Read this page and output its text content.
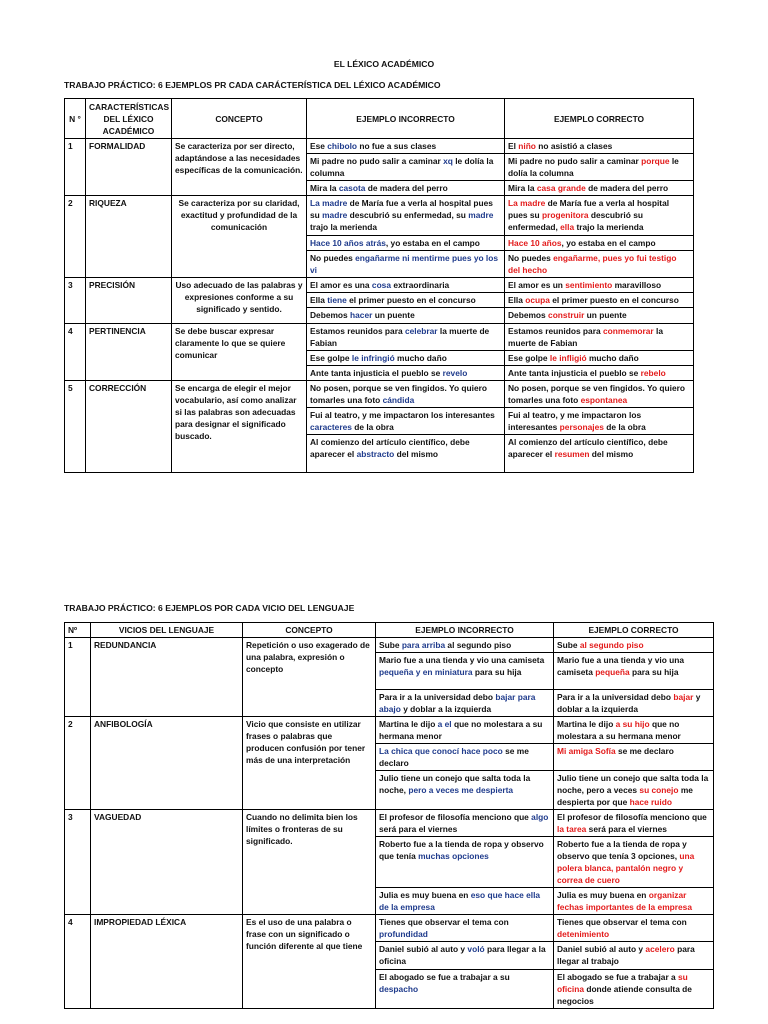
EL LÉXICO ACADÉMICO
TRABAJO PRÁCTICO: 6 EJEMPLOS PR CADA CARÁCTERÍSTICA DEL LÉXICO ACADÉMICO
N °	CARACTERÍSTICAS DEL LÉXICO ACADÉMICO	CONCEPTO	EJEMPLO INCORRECTO	EJEMPLO CORRECTO
1	FORMALIDAD	Se caracteriza por ser directo, adaptándose a las necesidades específicas de la comunicación.	Ese chibolo no fue a sus clases	El niño no asistió a clases
			Mi padre no pudo salir a caminar xq le dolía la columna	Mi padre no pudo salir a caminar porque le dolía la columna
			Mira la casota de madera del perro	Mira la casa grande de madera del perro
2	RIQUEZA	Se caracteriza por su claridad, exactitud y profundidad de la comunicación	La madre de María fue a verla al hospital pues su madre descubrió su enfermedad, su madre trajo la merienda	La madre de María fue a verla al hospital pues su progenitora descubrió su enfermedad, ella trajo la merienda
			Hace 10 años atrás, yo estaba en el campo	Hace 10 años, yo estaba en el campo
			No puedes engañarme ni mentirme pues yo los vi	No puedes engañarme, pues yo fui testigo del hecho
3	PRECISIÓN	Uso adecuado de las palabras y expresiones conforme a su significado y sentido.	El amor es una cosa extraordinaria	El amor es un sentimiento maravilloso
			Ella tiene el primer puesto en el concurso	Ella ocupa el primer puesto en el concurso
			Debemos hacer un puente	Debemos construir un puente
4	PERTINENCIA	Se debe buscar expresar claramente lo que se quiere comunicar	Estamos reunidos para celebrar la muerte de Fabian	Estamos reunidos para conmemorar la muerte de Fabian
			Ese golpe le infringió mucho daño	Ese golpe le infligió mucho daño
			Ante tanta injusticia el pueblo se revelo	Ante tanta injusticia el pueblo se rebelo
5	CORRECCIÓN	Se encarga de elegir el mejor vocabulario, así como analizar si las palabras son adecuadas para designar el significado buscado.	No posen, porque se ven fingidos. Yo quiero tomarles una foto cándida	No posen, porque se ven fingidos. Yo quiero tomarles una foto espontanea
			Fui al teatro, y me impactaron los interesantes caracteres de la obra	Fui al teatro, y me impactaron los interesantes personajes de la obra
			Al comienzo del artículo científico, debe aparecer el abstracto del mismo	Al comienzo del artículo científico, debe aparecer el resumen del mismo
TRABAJO PRÁCTICO: 6 EJEMPLOS POR CADA VICIO DEL LENGUAJE
Nº	VICIOS DEL LENGUAJE	CONCEPTO	EJEMPLO INCORRECTO	EJEMPLO CORRECTO
1	REDUNDANCIA	Repetición o uso exagerado de una palabra, expresión o concepto	Sube para arriba al segundo piso	Sube al segundo piso
			Mario fue a una tienda y vio una camiseta pequeña y en miniatura para su hija	Mario fue a una tienda y vio una camiseta pequeña para su hija
			Para ir a la universidad debo bajar para abajo y doblar a la izquierda	Para ir a la universidad debo bajar y doblar a la izquierda
2	ANFIBOLOGÍA	Vicio que consiste en utilizar frases o palabras que producen confusión por tener más de una interpretación	Martina le dijo a el que no molestara a su hermana menor	Martina le dijo a su hijo que no molestara a su hermana menor
			La chica que conocí hace poco se me declaro	Mi amiga Sofía se me declaro
			Julio tiene un conejo que salta toda la noche, pero a veces me despierta	Julio tiene un conejo que salta toda la noche, pero a veces su conejo me despierta por que hace ruido
3	VAGUEDAD	Cuando no delimita bien los límites o fronteras de su significado.	El profesor de filosofía menciono que algo será para el viernes	El profesor de filosofía menciono que la tarea será para el viernes
			Roberto fue a la tienda de ropa y observo que tenía muchas opciones	Roberto fue a la tienda de ropa y observo que tenía 3 opciones, una polera blanca, pantalón negro y correa de cuero
			Julia es muy buena en eso que hace ella de la empresa	Julia es muy buena en organizar fechas importantes de la empresa
4	IMPROPIEDAD LÉXICA	Es el uso de una palabra o frase con un significado o función diferente al que tiene	Tienes que observar el tema con profundidad	Tienes que observar el tema con detenimiento
			Daniel subió al auto y voló para llegar a la oficina	Daniel subió al auto y acelero para llegar al trabajo
			El abogado se fue a trabajar a su despacho	El abogado se fue a trabajar a su oficina donde atiende consulta de negocios
